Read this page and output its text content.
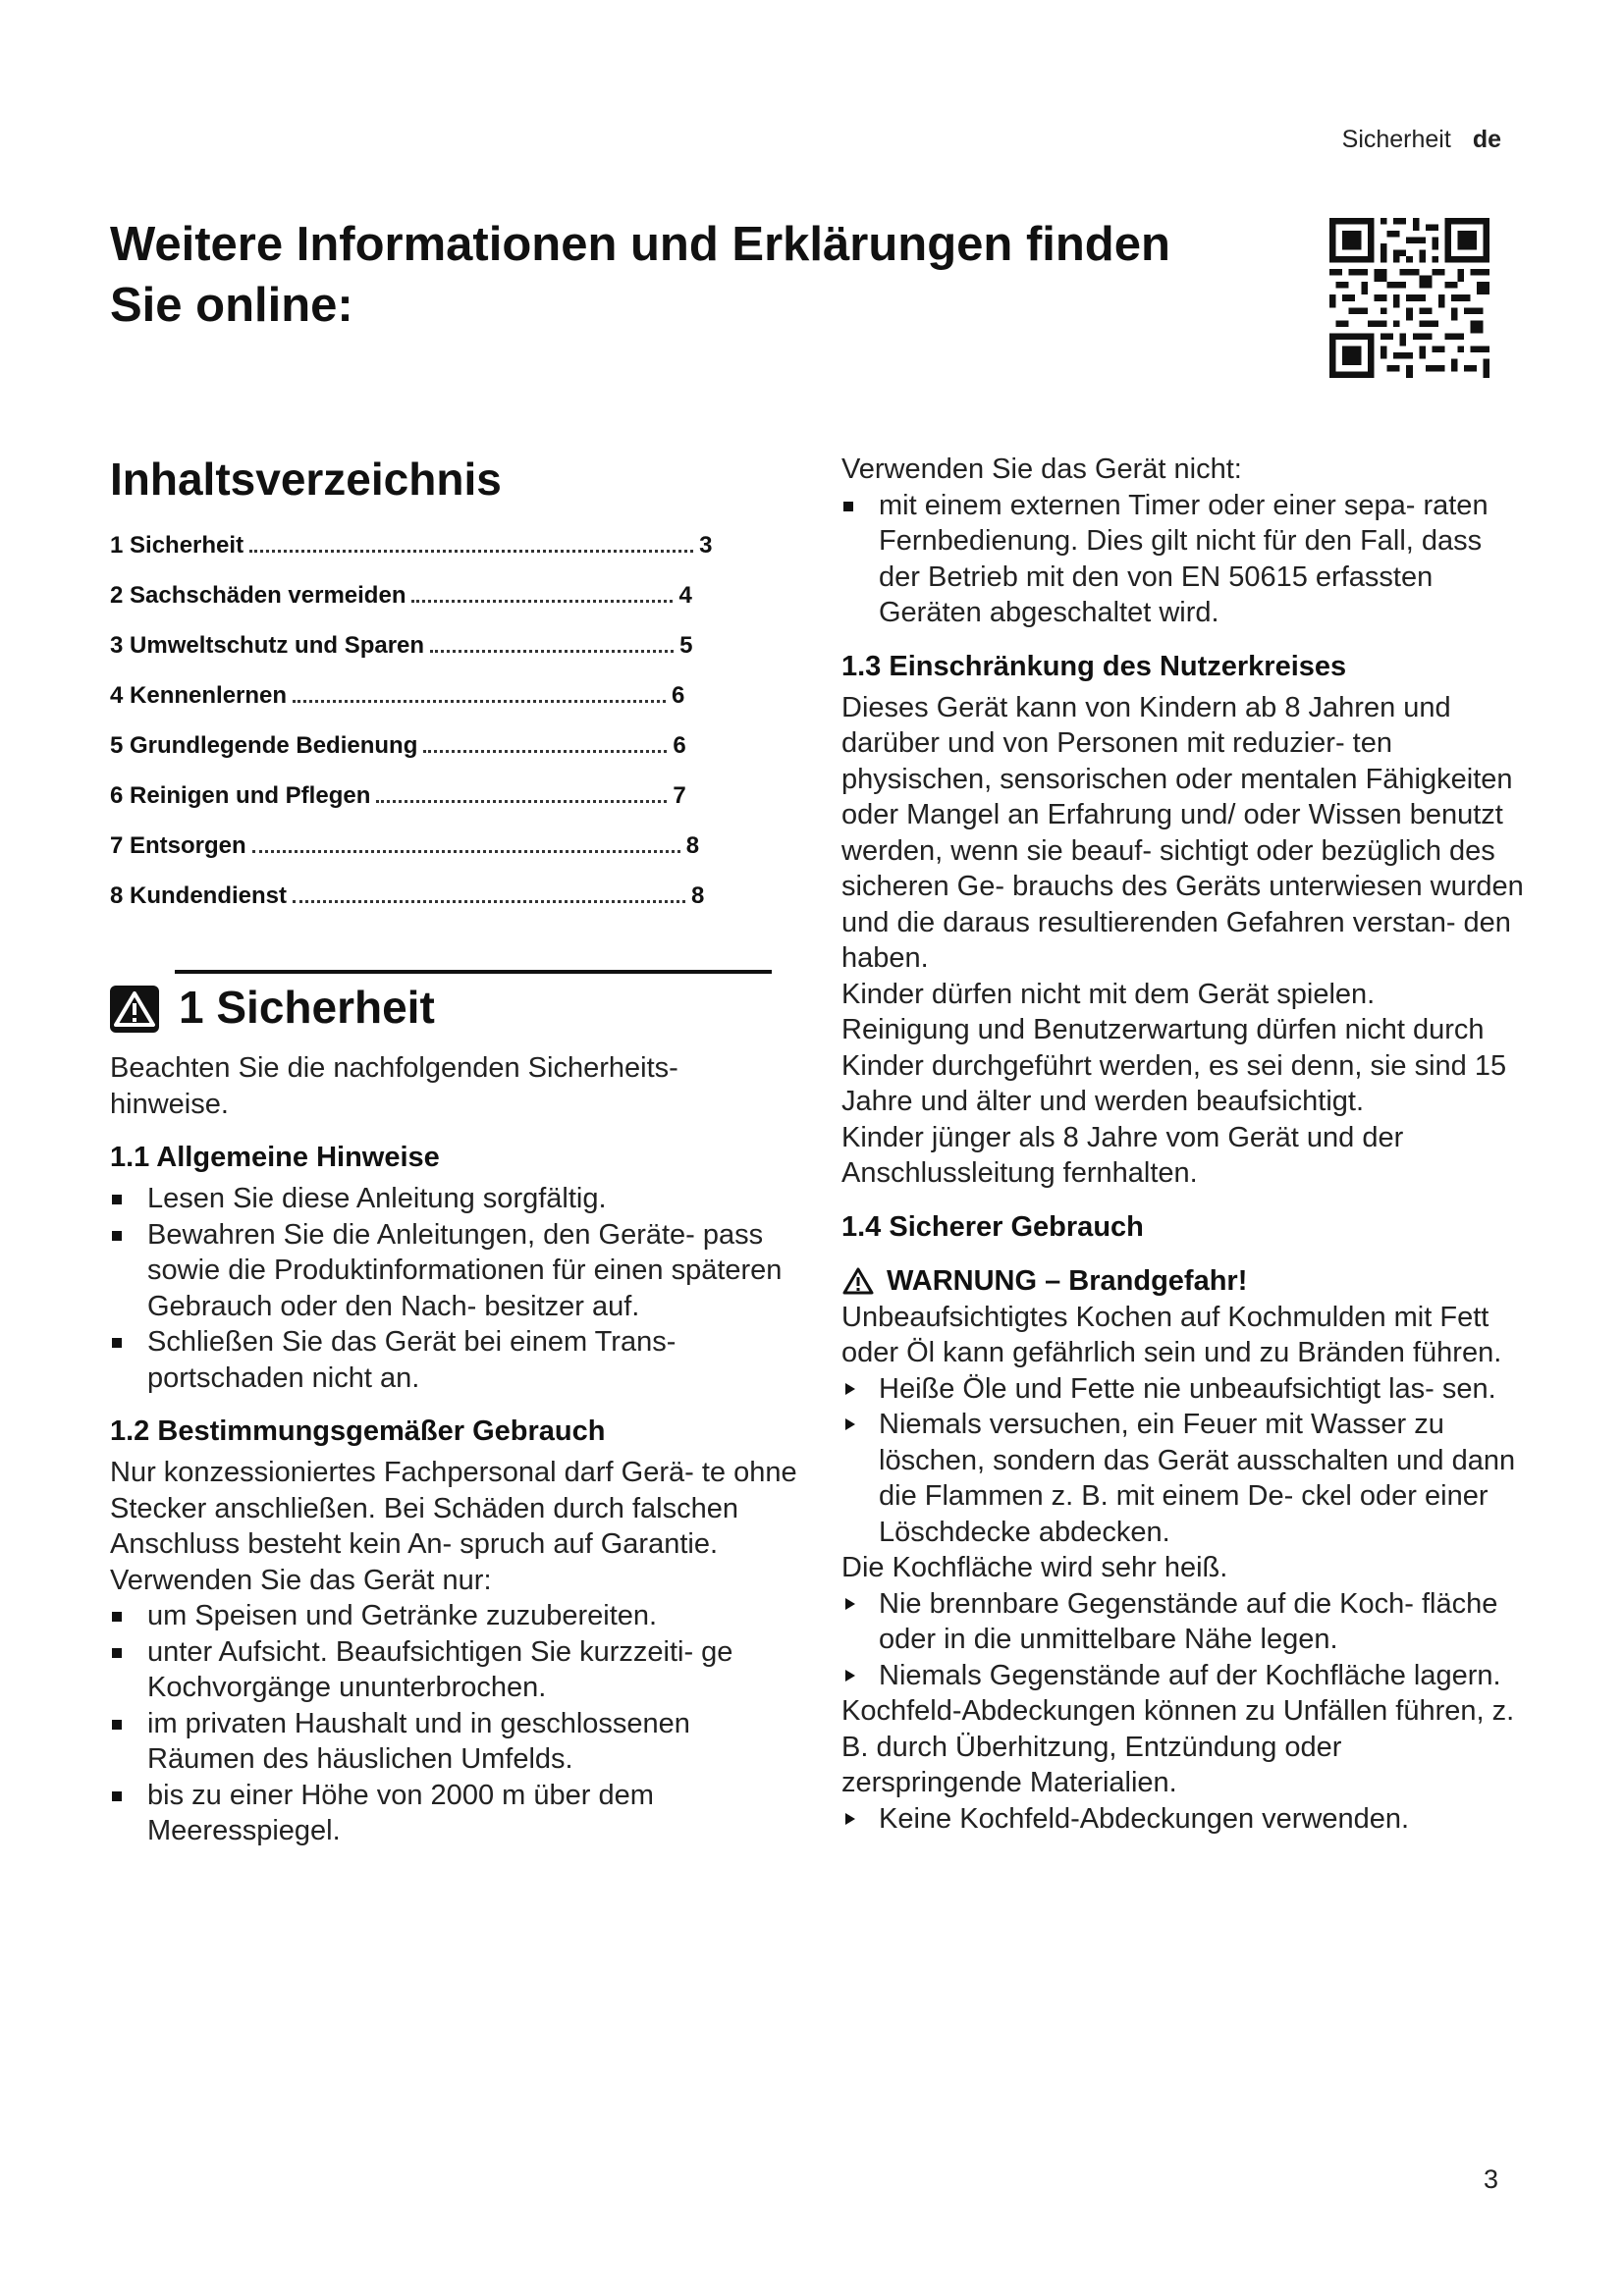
Sicherheit de
Weitere Informationen und Erklärungen finden Sie online:
Inhaltsverzeichnis
1 Sicherheit	3
2 Sachschäden vermeiden	4
3 Umweltschutz und Sparen	5
4 Kennenlernen	6
5 Grundlegende Bedienung	6
6 Reinigen und Pflegen	7
7 Entsorgen	8
8 Kundendienst	8
1 Sicherheit

Beachten Sie die nachfolgenden Sicherheits- hinweise.

1.1 Allgemeine Hinweise
Lesen Sie diese Anleitung sorgfältig.
Bewahren Sie die Anleitungen, den Geräte- pass sowie die Produktinformationen für einen späteren Gebrauch oder den Nach- besitzer auf.
Schließen Sie das Gerät bei einem Trans- portschaden nicht an.
1.2 Bestimmungsgemäßer Gebrauch

Nur konzessioniertes Fachpersonal darf Gerä- te ohne Stecker anschließen. Bei Schäden durch falschen Anschluss besteht kein An- spruch auf Garantie.

Verwenden Sie das Gerät nur:

um Speisen und Getränke zuzubereiten.
unter Aufsicht. Beaufsichtigen Sie kurzzeiti- ge Kochvorgänge ununterbrochen.
im privaten Haushalt und in geschlossenen Räumen des häuslichen Umfelds.
bis zu einer Höhe von 2000 m über dem Meeresspiegel.

Verwenden Sie das Gerät nicht:

mit einem externen Timer oder einer sepa- raten Fernbedienung. Dies gilt nicht für den Fall, dass der Betrieb mit den von EN 50615 erfassten Geräten abgeschaltet wird.
1.3 Einschränkung des Nutzerkreises

Dieses Gerät kann von Kindern ab 8 Jahren und darüber und von Personen mit reduzier- ten physischen, sensorischen oder mentalen Fähigkeiten oder Mangel an Erfahrung und/ oder Wissen benutzt werden, wenn sie beauf- sichtigt oder bezüglich des sicheren Ge- brauchs des Geräts unterwiesen wurden und die daraus resultierenden Gefahren verstan- den haben.

Kinder dürfen nicht mit dem Gerät spielen.

Reinigung und Benutzerwartung dürfen nicht durch Kinder durchgeführt werden, es sei denn, sie sind 15 Jahre und älter und werden beaufsichtigt.

Kinder jünger als 8 Jahre vom Gerät und der Anschlussleitung fernhalten.

1.4 Sicherer Gebrauch
WARNUNG – Brandgefahr!

Unbeaufsichtigtes Kochen auf Kochmulden mit Fett oder Öl kann gefährlich sein und zu Bränden führen.

Heiße Öle und Fette nie unbeaufsichtigt las- sen.
Niemals versuchen, ein Feuer mit Wasser zu löschen, sondern das Gerät ausschalten und dann die Flammen z. B. mit einem De- ckel oder einer Löschdecke abdecken.

Die Kochfläche wird sehr heiß.

Nie brennbare Gegenstände auf die Koch- fläche oder in die unmittelbare Nähe legen.
Niemals Gegenstände auf der Kochfläche lagern.

Kochfeld-Abdeckungen können zu Unfällen führen, z. B. durch Überhitzung, Entzündung oder zerspringende Materialien.

Keine Kochfeld-Abdeckungen verwenden.
3
